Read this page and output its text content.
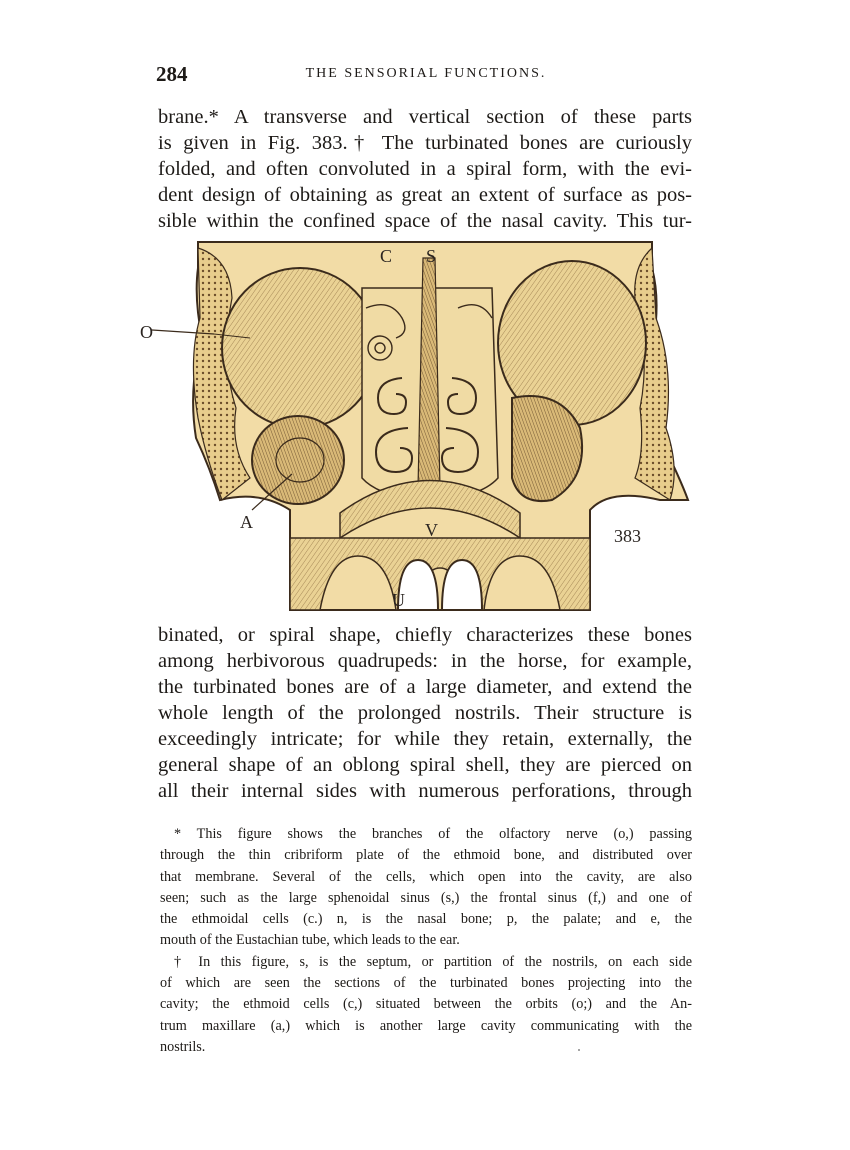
284	THE SENSORIAL FUNCTIONS.
brane.* A transverse and vertical section of these parts
is given in Fig. 383.† The turbinated bones are curiously
folded, and often convoluted in a spiral form, with the evi-
dent design of obtaining as great an extent of surface as pos-
sible within the confined space of the nasal cavity. This tur-
C S
O
A	V
U
383
binated, or spiral shape, chiefly characterizes these bones
among herbivorous quadrupeds: in the horse, for example,
the turbinated bones are of a large diameter, and extend the
whole length of the prolonged nostrils. Their structure is
exceedingly intricate; for while they retain, externally, the
general shape of an oblong spiral shell, they are pierced on
all their internal sides with numerous perforations, through
* This figure shows the branches of the olfactory nerve (o,) passing
through the thin cribriform plate of the ethmoid bone, and distributed over
that membrane. Several of the cells, which open into the cavity, are also
seen; such as the large sphenoidal sinus (s,) the frontal sinus (f,) and one of
the ethmoidal cells (c.) n, is the nasal bone; p, the palate; and e, the
mouth of the Eustachian tube, which leads to the ear.
† In this figure, s, is the septum, or partition of the nostrils, on each side
of which are seen the sections of the turbinated bones projecting into the
cavity; the ethmoid cells (c,) situated between the orbits (o;) and the An-
trum maxillare (a,) which is another large cavity communicating with the
nostrils.
